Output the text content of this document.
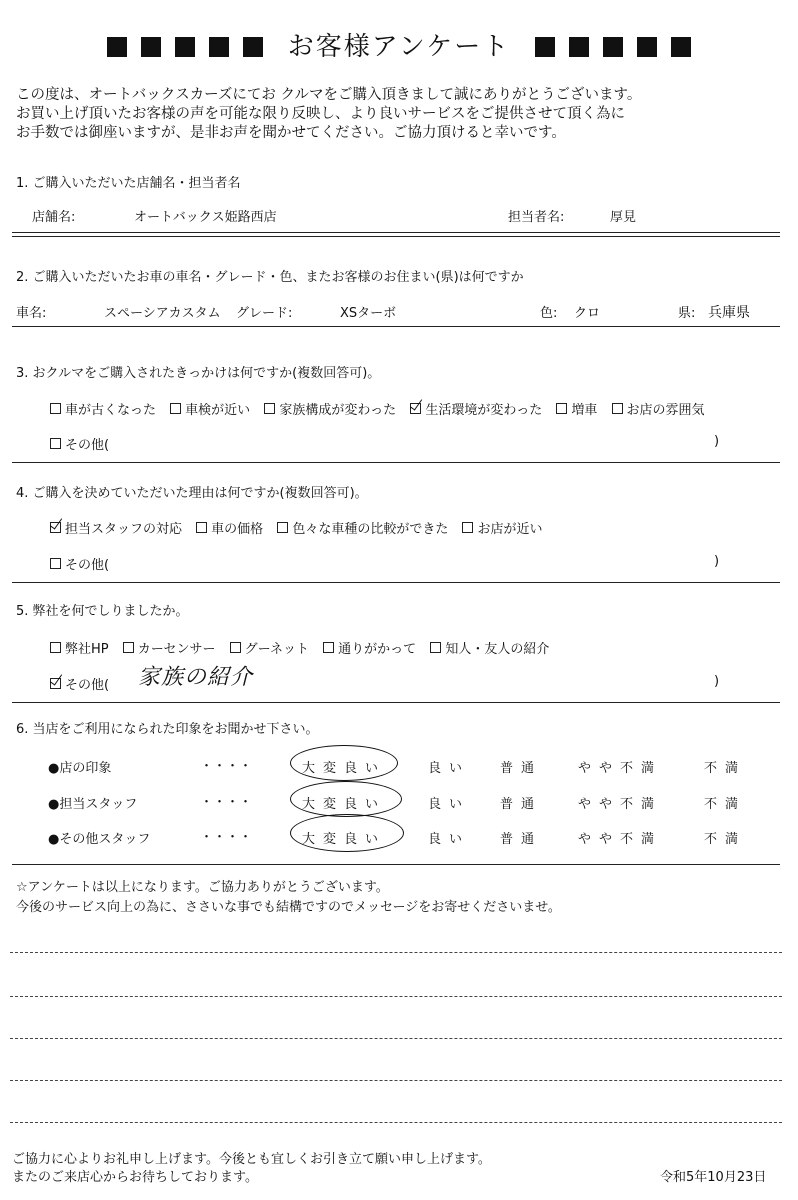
お客様アンケート
この度は、オートバックスカーズにてお クルマをご購入頂きまして誠にありがとうございます。
お買い上げ頂いたお客様の声を可能な限り反映し、より良いサービスをご提供させて頂く為に
お手数では御座いますが、是非お声を聞かせてください。ご協力頂けると幸いです。
1. ご購入いただいた店舗名・担当者名
店舗名:	オートバックス姫路西店	担当者名:	厚見
2. ご購入いただいたお車の車名・グレード・色、またお客様のお住まい(県)は何ですか
車名:	スペーシアカスタム グレード:	XSターボ	色: クロ	県: 兵庫県
3. おクルマをご購入されたきっかけは何ですか(複数回答可)。
車が古くなった 車検が近い 家族構成が変わった 生活環境が変わった 増車 お店の雰囲気
その他(	)
4. ご購入を決めていただいた理由は何ですか(複数回答可)。
担当スタッフの対応 車の価格 色々な車種の比較ができた お店が近い
その他(	)
5. 弊社を何でしりましたか。
弊社HP カーセンサー グーネット 通りがかって 知人・友人の紹介
その他( 家族の紹介	)
6. 当店をご利用になられた印象をお聞かせ下さい。
●店の印象	・・・・	大変良い	良い 普通	やや不満	不満
●担当スタッフ	・・・・	大変良い	良い 普通	やや不満	不満
●その他スタッフ	・・・・	大変良い	良い 普通	やや不満	不満
☆アンケートは以上になります。ご協力ありがとうございます。
今後のサービス向上の為に、ささいな事でも結構ですのでメッセージをお寄せくださいませ。
ご協力に心よりお礼申し上げます。今後とも宜しくお引き立て願い申し上げます。
またのご来店心からお待ちしております。	令和5年10月23日
